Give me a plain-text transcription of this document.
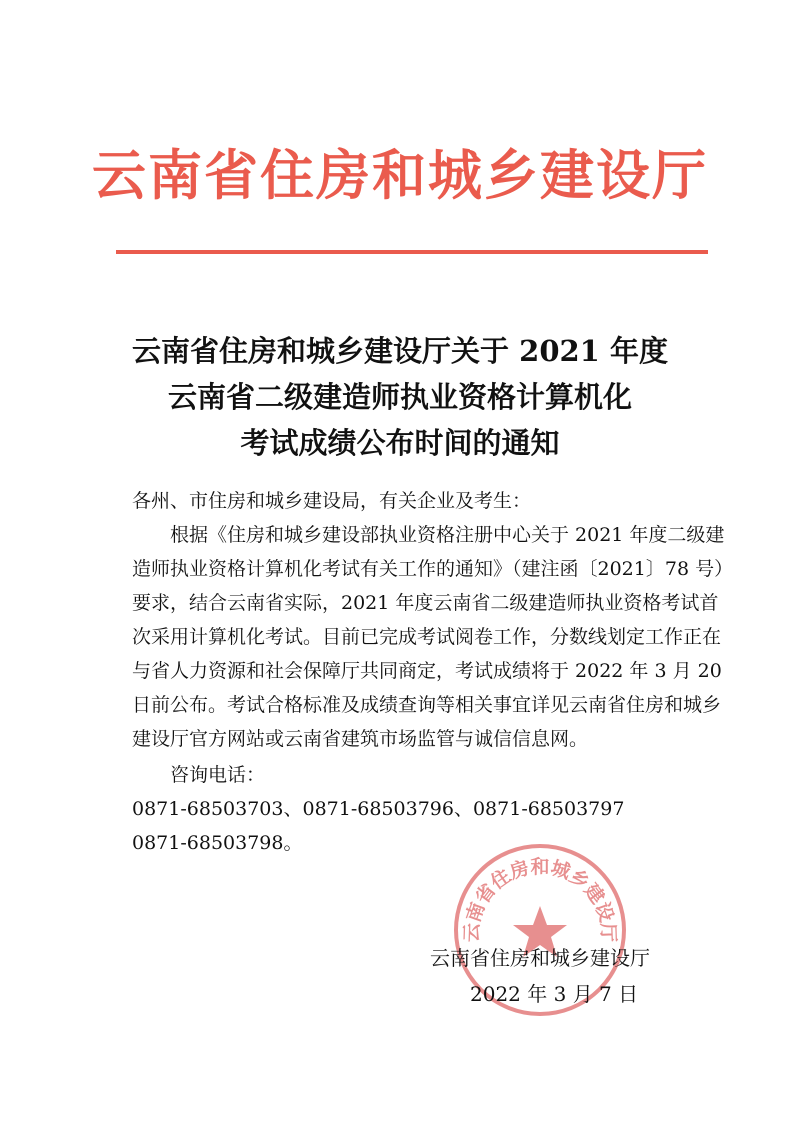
云南省住房和城乡建设厅
云南省住房和城乡建设厅关于 2021 年度
云南省二级建造师执业资格计算机化
考试成绩公布时间的通知

各州、市住房和城乡建设局，有关企业及考生：

根据《住房和城乡建设部执业资格注册中心关于 2021 年度二级建造师执业资格计算机化考试有关工作的通知》（建注函〔2021〕78 号）要求，结合云南省实际，2021 年度云南省二级建造师执业资格考试首次采用计算机化考试。目前已完成考试阅卷工作，分数线划定工作正在与省人力资源和社会保障厅共同商定，考试成绩将于 2022 年 3 月 20 日前公布。考试合格标准及成绩查询等相关事宜详见云南省住房和城乡建设厅官方网站或云南省建筑市场监管与诚信信息网。

咨询电话：0871-68503703、0871-68503796、0871-68503797

0871-68503798。

云南省住房和城乡建设厅
云南省住房和城乡建设厅
2022 年 3 月 7 日
